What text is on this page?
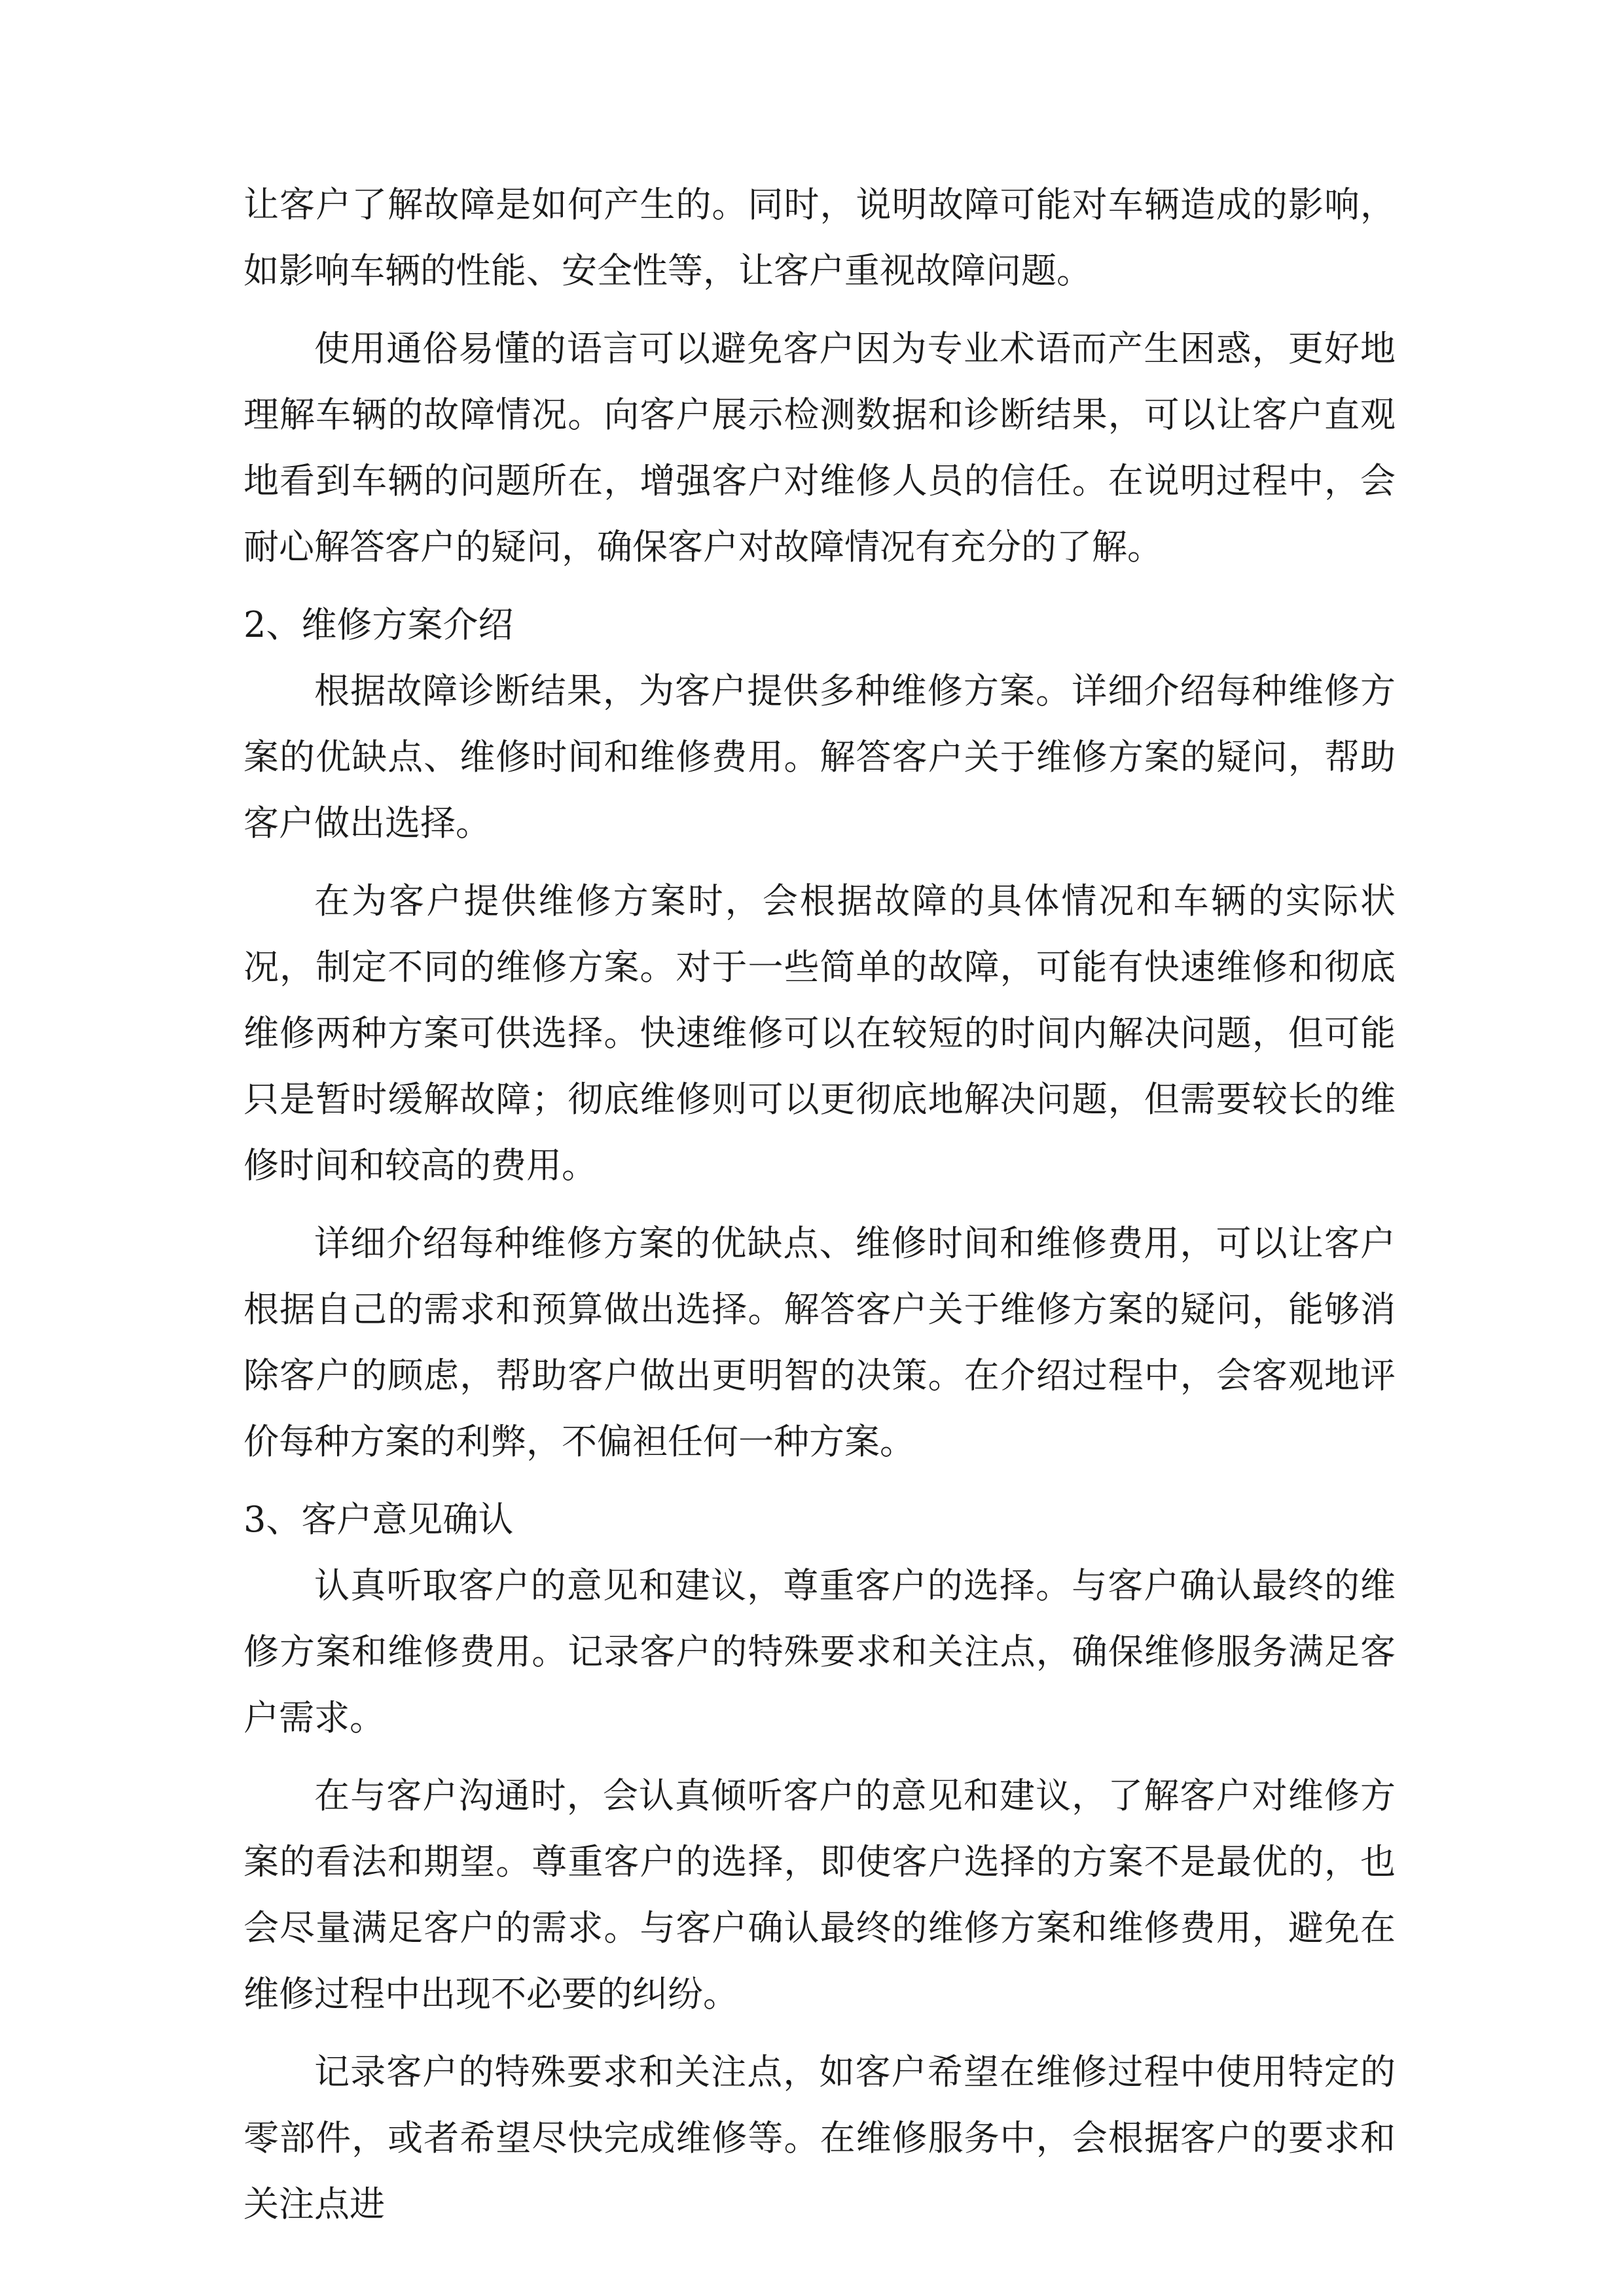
让客户了解故障是如何产生的。同时，说明故障可能对车辆造成的影响，如影响车辆的性能、安全性等，让客户重视故障问题。

使用通俗易懂的语言可以避免客户因为专业术语而产生困惑，更好地理解车辆的故障情况。向客户展示检测数据和诊断结果，可以让客户直观地看到车辆的问题所在，增强客户对维修人员的信任。在说明过程中，会耐心解答客户的疑问，确保客户对故障情况有充分的了解。

2、维修方案介绍

根据故障诊断结果，为客户提供多种维修方案。详细介绍每种维修方案的优缺点、维修时间和维修费用。解答客户关于维修方案的疑问，帮助客户做出选择。

在为客户提供维修方案时，会根据故障的具体情况和车辆的实际状况，制定不同的维修方案。对于一些简单的故障，可能有快速维修和彻底维修两种方案可供选择。快速维修可以在较短的时间内解决问题，但可能只是暂时缓解故障；彻底维修则可以更彻底地解决问题，但需要较长的维修时间和较高的费用。

详细介绍每种维修方案的优缺点、维修时间和维修费用，可以让客户根据自己的需求和预算做出选择。解答客户关于维修方案的疑问，能够消除客户的顾虑，帮助客户做出更明智的决策。在介绍过程中，会客观地评价每种方案的利弊，不偏袒任何一种方案。

3、客户意见确认

认真听取客户的意见和建议，尊重客户的选择。与客户确认最终的维修方案和维修费用。记录客户的特殊要求和关注点，确保维修服务满足客户需求。

在与客户沟通时，会认真倾听客户的意见和建议，了解客户对维修方案的看法和期望。尊重客户的选择，即使客户选择的方案不是最优的，也会尽量满足客户的需求。与客户确认最终的维修方案和维修费用，避免在维修过程中出现不必要的纠纷。

记录客户的特殊要求和关注点，如客户希望在维修过程中使用特定的零部件，或者希望尽快完成维修等。在维修服务中，会根据客户的要求和关注点进
